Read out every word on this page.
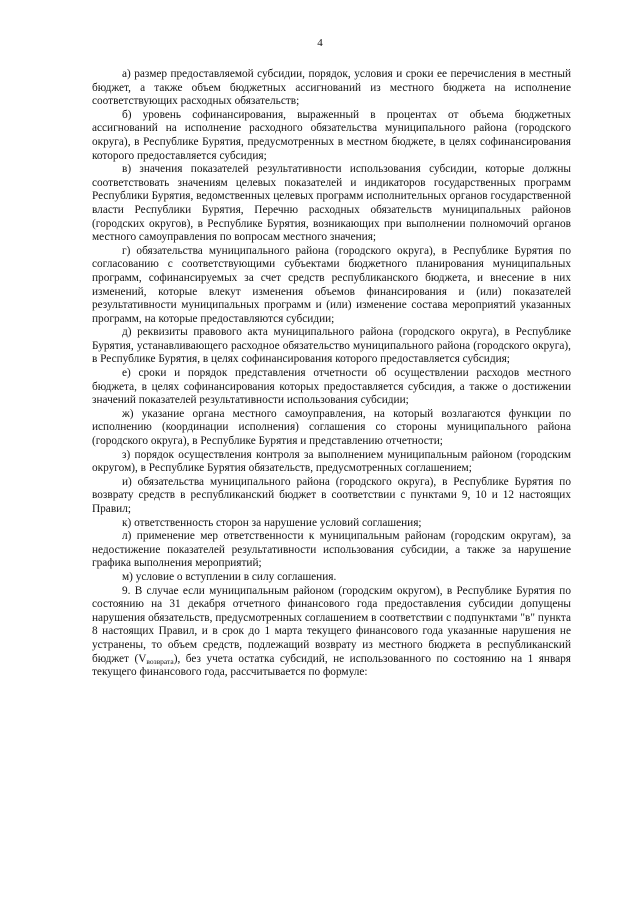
4

а) размер предоставляемой субсидии, порядок, условия и сроки ее перечисления в местный бюджет, а также объем бюджетных ассигнований из местного бюджета на исполнение соответствующих расходных обязательств;

б) уровень софинансирования, выраженный в процентах от объема бюджетных ассигнований на исполнение расходного обязательства муниципального района (городского округа), в Республике Бурятия, предусмотренных в местном бюджете, в целях софинансирования которого предоставляется субсидия;

в) значения показателей результативности использования субсидии, которые должны соответствовать значениям целевых показателей и индикаторов государственных программ Республики Бурятия, ведомственных целевых программ исполнительных органов государственной власти Республики Бурятия, Перечню расходных обязательств муниципальных районов (городских округов), в Республике Бурятия, возникающих при выполнении полномочий органов местного самоуправления по вопросам местного значения;

г) обязательства муниципального района (городского округа), в Республике Бурятия по согласованию с соответствующими субъектами бюджетного планирования муниципальных программ, софинансируемых за счет средств республиканского бюджета, и внесение в них изменений, которые влекут изменения объемов финансирования и (или) показателей результативности муниципальных программ и (или) изменение состава мероприятий указанных программ, на которые предоставляются субсидии;

д) реквизиты правового акта муниципального района (городского округа), в Республике Бурятия, устанавливающего расходное обязательство муниципального района (городского округа), в Республике Бурятия, в целях софинансирования которого предоставляется субсидия;

е) сроки и порядок представления отчетности об осуществлении расходов местного бюджета, в целях софинансирования которых предоставляется субсидия, а также о достижении значений показателей результативности использования субсидии;

ж) указание органа местного самоуправления, на который возлагаются функции по исполнению (координации исполнения) соглашения со стороны муниципального района (городского округа), в Республике Бурятия и представлению отчетности;

з) порядок осуществления контроля за выполнением муниципальным районом (городским округом), в Республике Бурятия обязательств, предусмотренных соглашением;

и) обязательства муниципального района (городского округа), в Республике Бурятия по возврату средств в республиканский бюджет в соответствии с пунктами 9, 10 и 12 настоящих Правил;

к) ответственность сторон за нарушение условий соглашения;

л) применение мер ответственности к муниципальным районам (городским округам), за недостижение показателей результативности использования субсидии, а также за нарушение графика выполнения мероприятий;

м) условие о вступлении в силу соглашения.

9. В случае если муниципальным районом (городским округом), в Республике Бурятия по состоянию на 31 декабря отчетного финансового года предоставления субсидии допущены нарушения обязательств, предусмотренных соглашением в соответствии с подпунктами "в" пункта 8 настоящих Правил, и в срок до 1 марта текущего финансового года указанные нарушения не устранены, то объем средств, подлежащий возврату из местного бюджета в республиканский бюджет $(V_{возврата})$, без учета остатка субсидий, не использованного по состоянию на 1 января текущего финансового года, рассчитывается по формуле:
